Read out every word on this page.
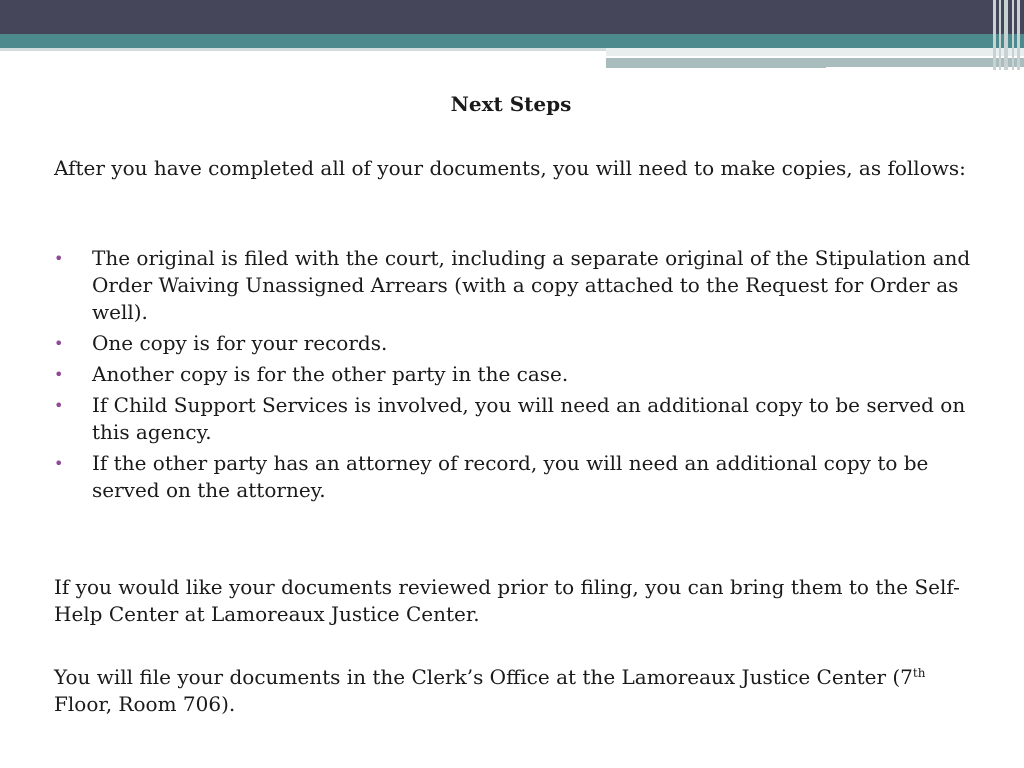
Next Steps

After you have completed all of your documents, you will need to make copies, as follows:

• The original is filed with the court, including a separate original of the Stipulation and Order Waiving Unassigned Arrears (with a copy attached to the Request for Order as well).
• One copy is for your records.
• Another copy is for the other party in the case.
• If Child Support Services is involved, you will need an additional copy to be served on this agency.
• If the other party has an attorney of record, you will need an additional copy to be served on the attorney.

If you would like your documents reviewed prior to filing, you can bring them to the Self-Help Center at Lamoreaux Justice Center.

You will file your documents in the Clerk’s Office at the Lamoreaux Justice Center (7th Floor, Room 706).
